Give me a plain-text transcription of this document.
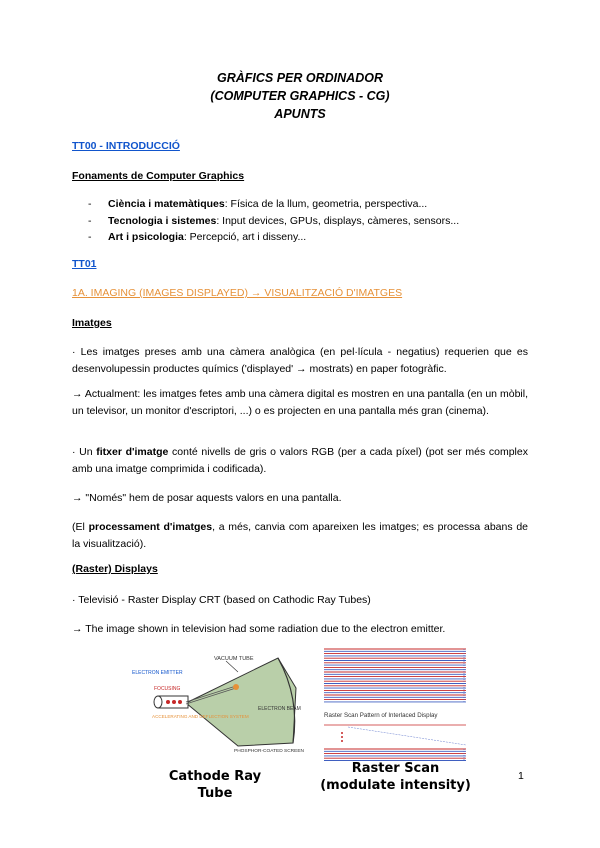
GRÀFICS PER ORDINADOR
(COMPUTER GRAPHICS - CG)
APUNTS
TT00 - INTRODUCCIÓ
Fonaments de Computer Graphics
- Ciència i matemàtiques: Física de la llum, geometria, perspectiva...
- Tecnologia i sistemes: Input devices, GPUs, displays, càmeres, sensors...
- Art i psicologia: Percepció, art i disseny...
TT01
1A. IMAGING (IMAGES DISPLAYED) → VISUALITZACIÓ D'IMATGES
Imatges
· Les imatges preses amb una càmera analògica (en pel·lícula - negatius) requerien que es desenvolupessin productes químics ('displayed' → mostrats) en paper fotogràfic.
→ Actualment: les imatges fetes amb una càmera digital es mostren en una pantalla (en un mòbil, un televisor, un monitor d'escriptori, ...) o es projecten en una pantalla més gran (cinema).
· Un fitxer d'imatge conté nivells de gris o valors RGB (per a cada píxel) (pot ser més complex amb una imatge comprimida i codificada).
→ "Només" hem de posar aquests valors en una pantalla.
(El processament d'imatges, a més, canvia com apareixen les imatges; es processa abans de la visualització).
(Raster) Displays
· Televisió - Raster Display CRT (based on Cathodic Ray Tubes)
→ The image shown in television had some radiation due to the electron emitter.
VACUUM TUBE
ELECTRON EMITTER
FOCUSING
ACCELERATING AND DEFLECTION SYSTEM
ELECTRON BEAM
PHOSPHOR-COATED SCREEN
Cathode Ray Tube
Raster Scan Pattern of Interlaced Display
Raster Scan
(modulate intensity)
1
